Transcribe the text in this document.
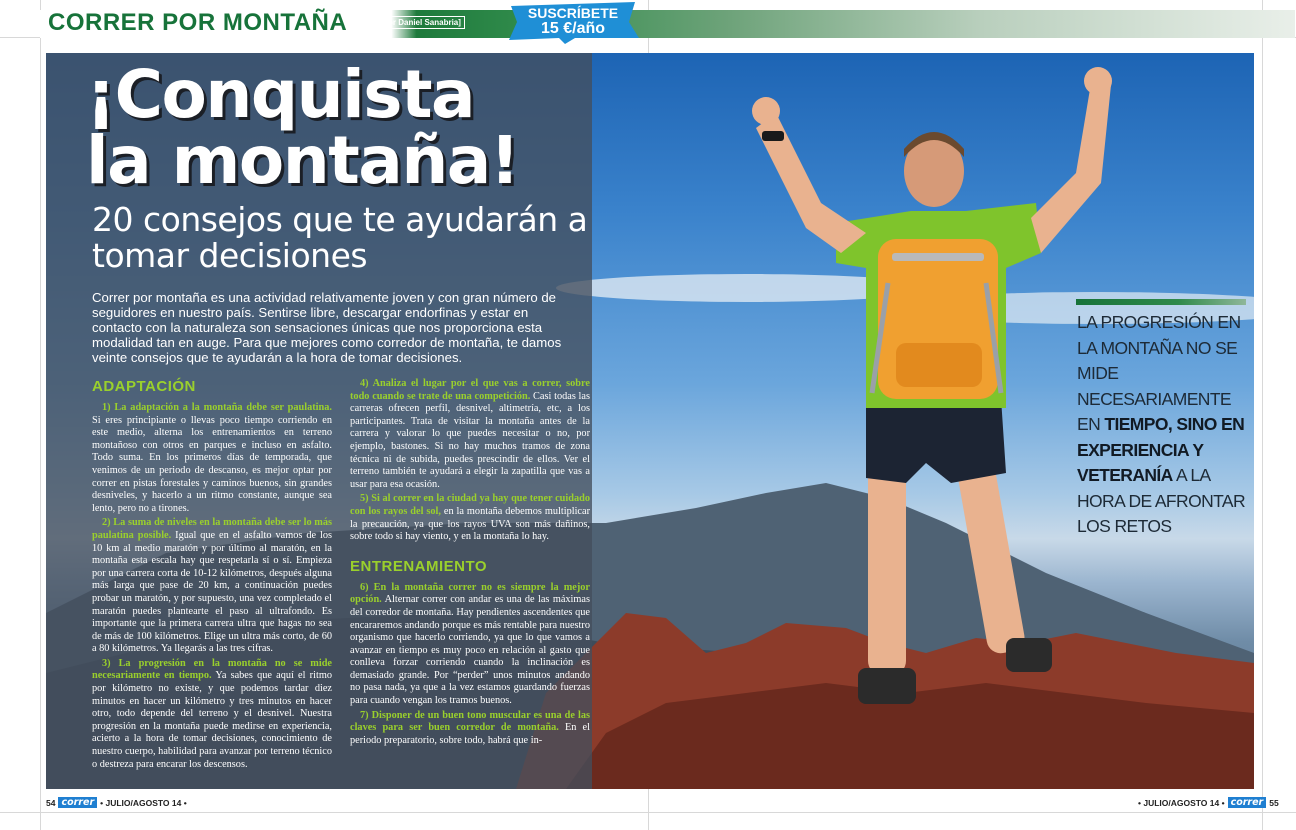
CORRER POR MONTAÑA	[Por Daniel Sanabria]
SUSCRÍBETE
15 €/año
¡Conquista
la montaña!
20 consejos que te ayudarán a tomar decisiones
Correr por montaña es una actividad relativamente joven y con gran número de seguidores en nuestro país. Sentirse libre, descargar endorfinas y estar en contacto con la naturaleza son sensaciones únicas que nos proporciona esta modalidad tan en auge. Para que mejores como corredor de montaña, te damos veinte consejos que te ayudarán a la hora de tomar decisiones.
ADAPTACIÓN

1) La adaptación a la montaña debe ser paulatina. Si eres principiante o llevas poco tiempo corriendo en este medio, alterna los entrenamientos en terreno montañoso con otros en parques e incluso en asfalto. Todo suma. En los primeros días de temporada, que venimos de un periodo de descanso, es mejor optar por correr en pistas forestales y caminos buenos, sin grandes desniveles, y hacerlo a un ritmo constante, aunque sea lento, pero no a tirones.

2) La suma de niveles en la montaña debe ser lo más paulatina posible. Igual que en el asfalto vamos de los 10 km al medio maratón y por último al maratón, en la montaña esta escala hay que respetarla sí o sí. Empieza por una carrera corta de 10-12 kilómetros, después alguna más larga que pase de 20 km, a continuación puedes probar un maratón, y por supuesto, una vez completado el maratón puedes plantearte el paso al ultrafondo. Es importante que la primera carrera ultra que hagas no sea de más de 100 kilómetros. Elige un ultra más corto, de 60 a 80 kilómetros. Ya llegarás a las tres cifras.

3) La progresión en la montaña no se mide necesariamente en tiempo. Ya sabes que aquí el ritmo por kilómetro no existe, y que podemos tardar diez minutos en hacer un kilómetro y tres minutos en hacer otro, todo depende del terreno y el desnivel. Nuestra progresión en la montaña puede medirse en experiencia, acierto a la hora de tomar decisiones, conocimiento de nuestro cuerpo, habilidad para avanzar por terreno técnico o destreza para encarar los descensos.

4) Analiza el lugar por el que vas a correr, sobre todo cuando se trate de una competición. Casi todas las carreras ofrecen perfil, desnivel, altimetría, etc, a los participantes. Trata de visitar la montaña antes de la carrera y valorar lo que puedes necesitar o no, por ejemplo, bastones. Si no hay muchos tramos de zona técnica ni de subida, puedes prescindir de ellos. Ver el terreno también te ayudará a elegir la zapatilla que vas a usar para esa ocasión.

5) Si al correr en la ciudad ya hay que tener cuidado con los rayos del sol, en la montaña debemos multiplicar la precaución, ya que los rayos UVA son más dañinos, sobre todo si hay viento, y en la montaña lo hay.

ENTRENAMIENTO

6) En la montaña correr no es siempre la mejor opción. Alternar correr con andar es una de las máximas del corredor de montaña. Hay pendientes ascendentes que encararemos andando porque es más rentable para nuestro organismo que hacerlo corriendo, ya que lo que vamos a avanzar en tiempo es muy poco en relación al gasto que conlleva forzar corriendo cuando la inclinación es demasiado grande. Por “perder” unos minutos andando no pasa nada, ya que a la vez estamos guardando fuerzas para cuando vengan los tramos buenos.

7) Disponer de un buen tono muscular es una de las claves para ser buen corredor de montaña. En el periodo preparatorio, sobre todo, habrá que in-

LA PROGRESIÓN EN LA MONTAÑA NO SE MIDE NECESARIAMENTE EN TIEMPO, SINO EN EXPERIENCIA Y VETERANÍA A LA HORA DE AFRONTAR LOS RETOS
54 correr • JULIO/AGOSTO 14 •	• JULIO/AGOSTO 14 • correr 55
